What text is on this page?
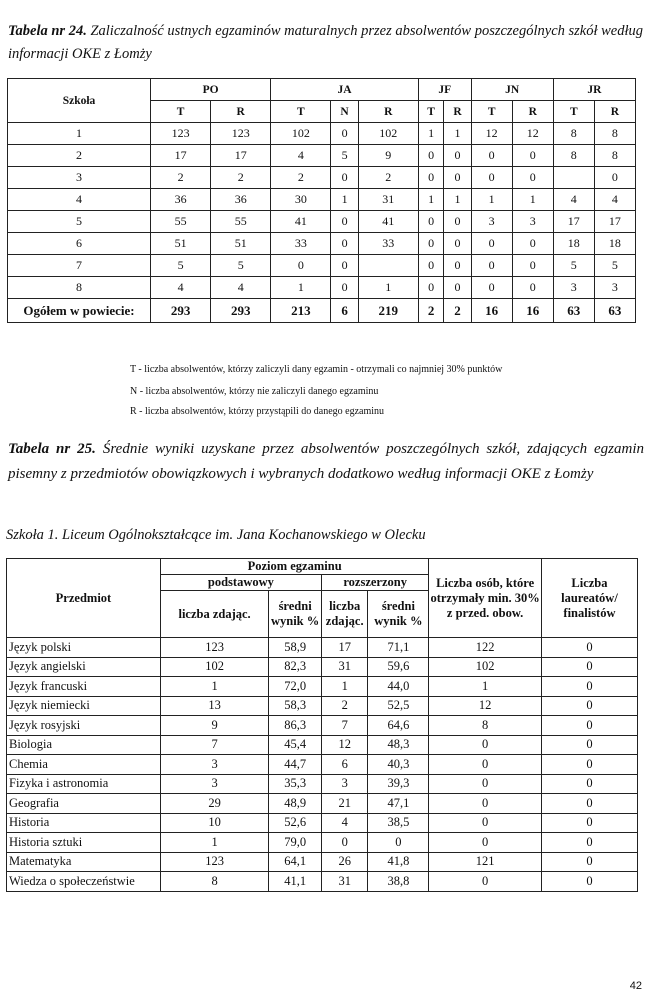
Tabela nr 24. Zaliczalność ustnych egzaminów maturalnych przez absolwentów poszczególnych szkół według informacji OKE z Łomży
Szkoła	PO		JA			JF		JN		JR	
	T	R	T	N	R	T	R	T	R	T	R
1	123	123	102	0	102	1	1	12	12	8	8
2	17	17	4	5	9	0	0	0	0	8	8
3	2	2	2	0	2	0	0	0	0		0
4	36	36	30	1	31	1	1	1	1	4	4
5	55	55	41	0	41	0	0	3	3	17	17
6	51	51	33	0	33	0	0	0	0	18	18
7	5	5	0	0		0	0	0	0	5	5
8	4	4	1	0	1	0	0	0	0	3	3
Ogółem w powiecie:	293	293	213	6	219	2	2	16	16	63	63
T - liczba absolwentów, którzy zaliczyli dany egzamin - otrzymali co najmniej 30% punktów
N - liczba absolwentów, którzy nie zaliczyli danego egzaminu
R - liczba absolwentów, którzy przystąpili do danego egzaminu
Tabela nr 25. Średnie wyniki uzyskane przez absolwentów poszczególnych szkół, zdających egzamin pisemny z przedmiotów obowiązkowych i wybranych dodatkowo według informacji OKE z Łomży
Szkoła 1. Liceum Ogólnokształcące im. Jana Kochanowskiego w Olecku
Przedmiot	Poziom egzaminu				Liczba osób, które otrzymały min. 30% z przed. obow.	Liczba laureatów/ finalistów
	podstawowy		rozszerzony			
	liczba zdając.	średni wynik %	liczba zdając.	średni wynik %		
Język polski	123	58,9	17	71,1	122	0
Język angielski	102	82,3	31	59,6	102	0
Język francuski	1	72,0	1	44,0	1	0
Język niemiecki	13	58,3	2	52,5	12	0
Język rosyjski	9	86,3	7	64,6	8	0
Biologia	7	45,4	12	48,3	0	0
Chemia	3	44,7	6	40,3	0	0
Fizyka i astronomia	3	35,3	3	39,3	0	0
Geografia	29	48,9	21	47,1	0	0
Historia	10	52,6	4	38,5	0	0
Historia sztuki	1	79,0	0	0	0	0
Matematyka	123	64,1	26	41,8	121	0
Wiedza o społeczeństwie	8	41,1	31	38,8	0	0
42
